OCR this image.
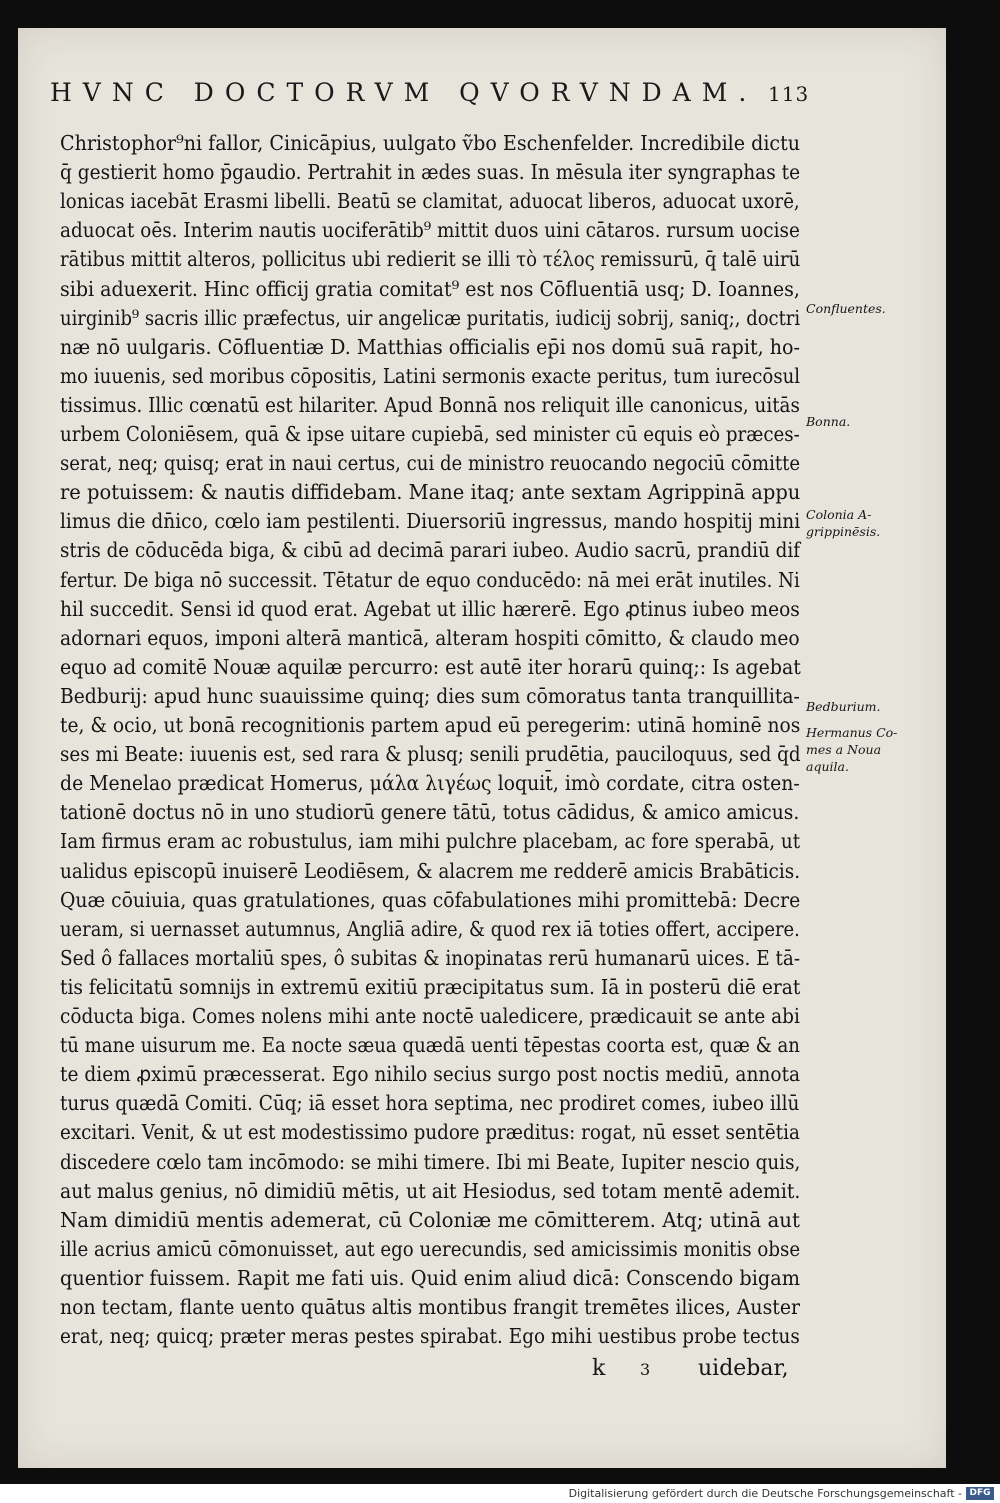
HVNC DOCTORVM QVORVNDAM. 113
Christophor⁹ni fallor, Cinicāpius, uulgato ṽbo Eschenfelder. Incredibile dictu
q̄ gestierit homo p̄gaudio. Pertrahit in ædes suas. In mēsula iter syngraphas te
lonicas iacebāt Erasmi libelli. Beatū se clamitat, aduocat liberos, aduocat uxorē,
aduocat oēs. Interim nautis uociferātib⁹ mittit duos uini cātaros. rursum uocise
rātibus mittit alteros, pollicitus ubi redierit se illi τὸ τέλος remissurū, q̄ talē uirū
sibi aduexerit. Hinc officij gratia comitat⁹ est nos Cōfluentiā usq; D. Ioannes,
uirginib⁹ sacris illic præfectus, uir angelicæ puritatis, iudicij sobrij, saniq;, doctri
næ nō uulgaris. Cōfluentiæ D. Matthias officialis ep̄i nos domū suā rapit, ho-
mo iuuenis, sed moribus cōpositis, Latini sermonis exacte peritus, tum iurecōsul
tissimus. Illic cœnatū est hilariter. Apud Bonnā nos reliquit ille canonicus, uitās
urbem Coloniēsem, quā & ipse uitare cupiebā, sed minister cū equis eò præces-
serat, neq; quisq; erat in naui certus, cui de ministro reuocando negociū cōmitte
re potuissem: & nautis diffidebam. Mane itaq; ante sextam Agrippinā appu
limus die dn̄ico, cœlo iam pestilenti. Diuersoriū ingressus, mando hospitij mini
stris de cōducēda biga, & cibū ad decimā parari iubeo. Audio sacrū, prandiū dif
fertur. De biga nō successit. Tētatur de equo conducēdo: nā mei erāt inutiles. Ni
hil succedit. Sensi id quod erat. Agebat ut illic hærerē. Ego ꝓtinus iubeo meos
adornari equos, imponi alterā manticā, alteram hospiti cōmitto, & claudo meo
equo ad comitē Nouæ aquilæ percurro: est autē iter horarū quinq;: Is agebat
Bedburij: apud hunc suauissime quinq; dies sum cōmoratus tanta tranquillita-
te, & ocio, ut bonā recognitionis partem apud eū peregerim: utinā hominē nos
ses mi Beate: iuuenis est, sed rara & plusq; senili prudētia, pauciloquus, sed q̄d
de Menelao prædicat Homerus, μάλα λιγέως loquit̄, imò cordate, citra osten-
tationē doctus nō in uno studiorū genere tātū, totus cādidus, & amico amicus.
Iam firmus eram ac robustulus, iam mihi pulchre placebam, ac fore sperabā, ut
ualidus episcopū inuiserē Leodiēsem, & alacrem me redderē amicis Brabāticis.
Quæ cōuiuia, quas gratulationes, quas cōfabulationes mihi promittebā: Decre
ueram, si uernasset autumnus, Angliā adire, & quod rex iā toties offert, accipere.
Sed ô fallaces mortaliū spes, ô subitas & inopinatas rerū humanarū uices. E tā-
tis felicitatū somnijs in extremū exitiū præcipitatus sum. Iā in posterū diē erat
cōducta biga. Comes nolens mihi ante noctē ualedicere, prædicauit se ante abi
tū mane uisurum me. Ea nocte sæua quædā uenti tēpestas coorta est, quæ & an
te diem ꝓximū præcesserat. Ego nihilo secius surgo post noctis mediū, annota
turus quædā Comiti. Cūq; iā esset hora septima, nec prodiret comes, iubeo illū
excitari. Venit, & ut est modestissimo pudore præditus: rogat, nū esset sentētia
discedere cœlo tam incōmodo: se mihi timere. Ibi mi Beate, Iupiter nescio quis,
aut malus genius, nō dimidiū mētis, ut ait Hesiodus, sed totam mentē ademit.
Nam dimidiū mentis ademerat, cū Coloniæ me cōmitterem. Atq; utinā aut
ille acrius amicū cōmonuisset, aut ego uerecundis, sed amicissimis monitis obse
quentior fuissem. Rapit me fati uis. Quid enim aliud dicā: Conscendo bigam
non tectam, flante uento quātus altis montibus frangit tremētes ilices, Auster
erat, neq; quicq; præter meras pestes spirabat. Ego mihi uestibus probe tectus
Confluentes.
Bonna.
Colonia A-grippinēsis.
Bedburium.
Hermanus Co-mes a Noua aquila.
k 3 uidebar,
Digitalisierung gefördert durch die Deutsche Forschungsgemeinschaft - DFG
